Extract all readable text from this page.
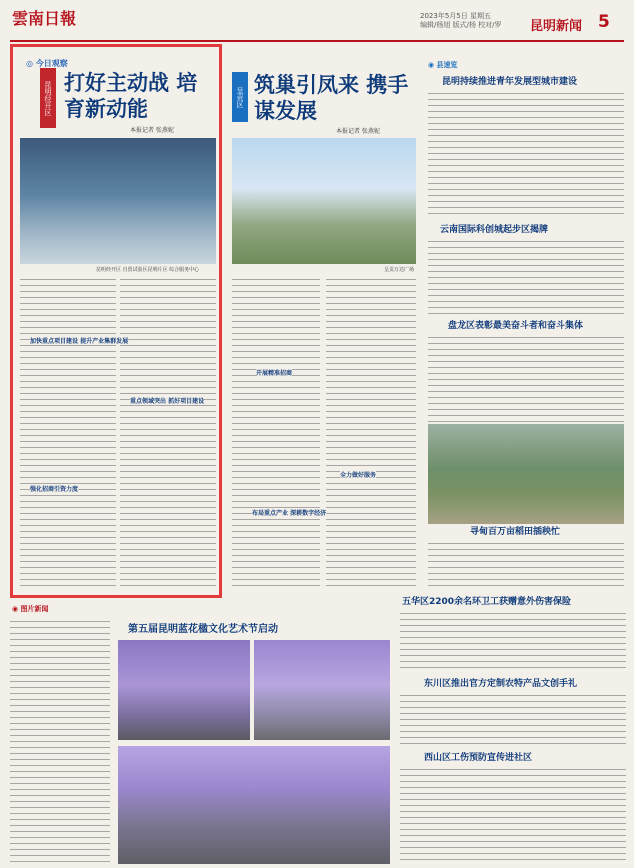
雲南日報	2023年5月5日 星期五
编辑/杨旭 版式/杨 校对/罗 昆明新闻 5
◎ 今日观察
昆明经开区 打好主动战 培育新动能
本报记者 张燕妮
昆明经开区 自贸试验区昆明片区 综合服务中心
加快重点项目建设 提升产业集群发展
强化招商引资力度
重点领域突出 抓好项目建设
呈贡区 筑巢引凤来 携手谋发展
本报记者 张燕妮
呈贡万达广场
开展精准招商
布局重点产业 深耕数字经济
全力做好服务
◉ 县速览
昆明持续推进青年发展型城市建设
云南国际科创城起步区揭牌
盘龙区表彰最美奋斗者和奋斗集体
寻甸百万亩稻田插秧忙
◉ 图片新闻
第五届昆明蓝花楹文化艺术节启动
五华区2200余名环卫工获赠意外伤害保险
东川区推出官方定制农特产品文创手礼
西山区工伤预防宣传进社区
